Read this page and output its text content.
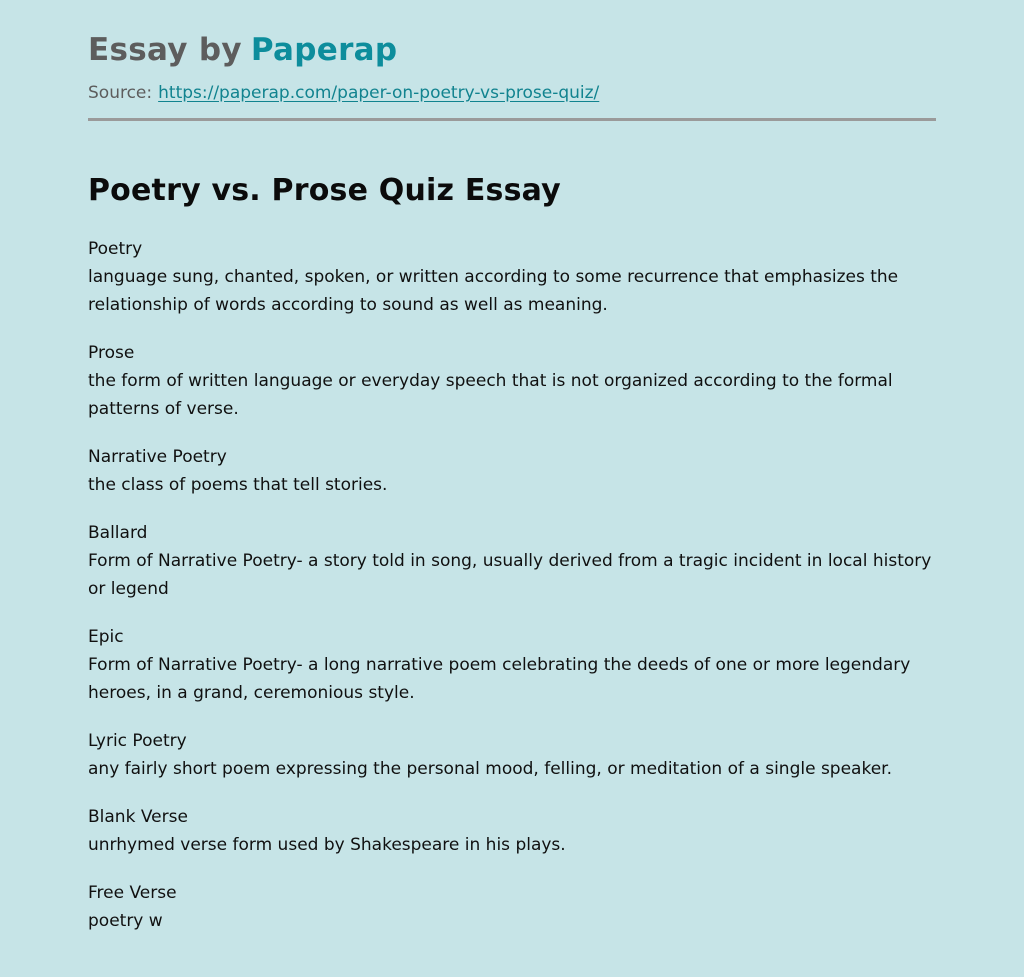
Essay by Paperap
Source: https://paperap.com/paper-on-poetry-vs-prose-quiz/
Poetry vs. Prose Quiz Essay
Poetry
language sung, chanted, spoken, or written according to some recurrence that emphasizes the relationship of words according to sound as well as meaning.
Prose
the form of written language or everyday speech that is not organized according to the formal patterns of verse.
Narrative Poetry
the class of poems that tell stories.
Ballard
Form of Narrative Poetry- a story told in song, usually derived from a tragic incident in local history or legend
Epic
Form of Narrative Poetry- a long narrative poem celebrating the deeds of one or more legendary heroes, in a grand, ceremonious style.
Lyric Poetry
any fairly short poem expressing the personal mood, felling, or meditation of a single speaker.
Blank Verse
unrhymed verse form used by Shakespeare in his plays.
Free Verse
poetry w
